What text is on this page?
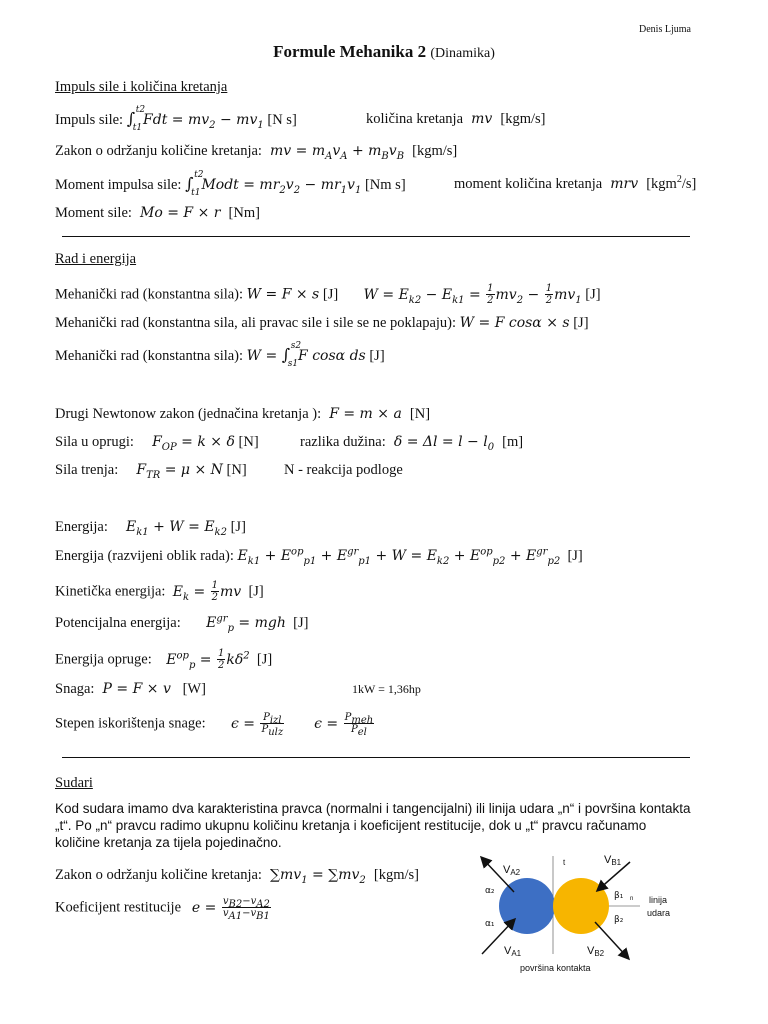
Denis Ljuma
Formule Mehanika 2 (Dinamika)
Impuls sile i količina kretanja
Impuls sile: ∫ t2
t1 Fdt = $mv_2 - mv_1$ [N s]	količina kretanja  mv  [kgm/s]
Zakon o održanju količine kretanja:  mv = $m_Av_A + m_Bv_B$ [kgm/s]
Moment impulsa sile: ∫ t2
t1 Modt = $mr_2v_2 - mr_1v_1$ [Nm s]	moment količina kretanja  mrv  [kgm$^2$/s]
Moment sile:  Mo = F × r  [Nm]
Rad i energija
Mehanički rad (konstantna sila): W = F × s [J] $W = E_{k2} - E_{k1} = \frac{1}{2} mv_2 - \frac{1}{2} mv_1$ [J]
Mehanički rad (konstantna sila, ali pravac sile i sile se ne poklapaju): W = F cosα × s [J]
Mehanički rad (konstantna sila): W = ∫ s2
s1 F cosα ds [J]
Drugi Newtonow zakon (jednačina kretanja ):  F = m × a  [N]
Sila u oprugi: $F_{OP} = k \times \delta$ [N]	razlika dužina:  $\delta = \Delta l = l - l_0$ [m]
Sila trenja: $F_{TR} = \mu \times N$ [N]	N - reakcija podloge
Energija: $E_{k1} + W = E_{k2}$ [J]
Energija (razvijeni oblik rada): $E_{k1} + E^{op}_{p1} + E^{gr}_{p1} + W = E_{k2} + E^{op}_{p2} + E^{gr}_{p2}$ [J]
Kinetička energija: $E_k = \frac{1}{2}$ mv [J]
Potencijalna energija: $E^{gr}_p$ = mgh [J]
Energija opruge: $E^{op}_p = \frac{1}{2} k\delta^2$ [J]
Snaga:  P = F × v   [W]	1kW = 1,36hp
Stepen iskorištenja snage: $\epsilon = \frac{P_{izl}}{P_{ulz}}$ $\epsilon = \frac{P_{meh}}{P_{el}}$
Sudari
Kod sudara imamo dva karakteristina pravca (normalni i tangencijalni) ili linija udara „n“ i površina kontakta „t“. Po „n“ pravcu radimo ukupnu količinu kretanja i koeficijent restitucije, dok u „t“ pravcu računamo količine kretanja za tijela pojedinačno.
Zakon o održanju količine kretanja:  $\sum mv_1 = \sum mv_2$ [kgm/s]
Koeficijent restitucije $e = \frac{v_{B2}-v_{A2}}{v_{A1}-v_{B1}}$
VA2
VB1
VA1	VB2
α₂
α₁
β₁
β₂
t
n linija
udara
površina kontakta
